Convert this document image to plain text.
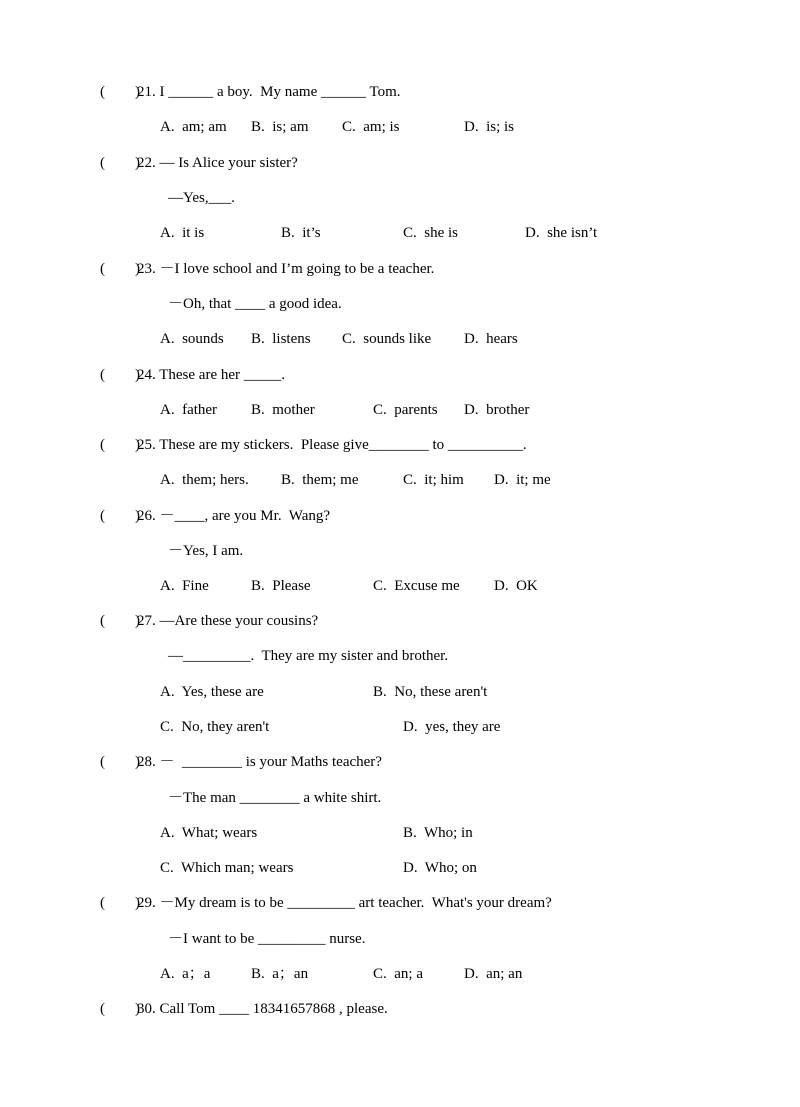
(        )
21. I ______ a boy.  My name ______ Tom.
A.  am; am B.  is; am C.  am; is	D.  is; is
(        )
22. — Is Alice your sister?
—Yes,___.
A.  it is	B.  it’s	C.  she is	D.  she isn’t
(        )
23. －I love school and I’m going to be a teacher.
－Oh, that ____ a good idea.
A.  sounds B.  listens C.  sounds like D.  hears
(        )
24. These are her _____.
A.  father B.  mother	C.  parents D.  brother
(        )
25. These are my stickers.  Please give________ to __________.
A.  them; hers. B.  them; me	C.  it; him D.  it; me
(        )
26. －____, are you Mr.  Wang?
－Yes, I am.
A.  Fine	B.  Please	C.  Excuse me D.  OK
(        )
27. —Are these your cousins?
—_________.  They are my sister and brother.
A.  Yes, these are	B.  No, these aren't
C.  No, they aren't	D.  yes, they are
(        )
28. －  ________ is your Maths teacher?
－The man ________ a white shirt.
A.  What; wears	B.  Who; in
C.  Which man; wears	D.  Who; on
(        )
29. －My dream is to be _________ art teacher.  What's your dream?
－I want to be _________ nurse.
A.  a；a	B.  a；an	C.  an; a	D.  an; an
(        )
30. Call Tom ____ 18341657868 , please.
